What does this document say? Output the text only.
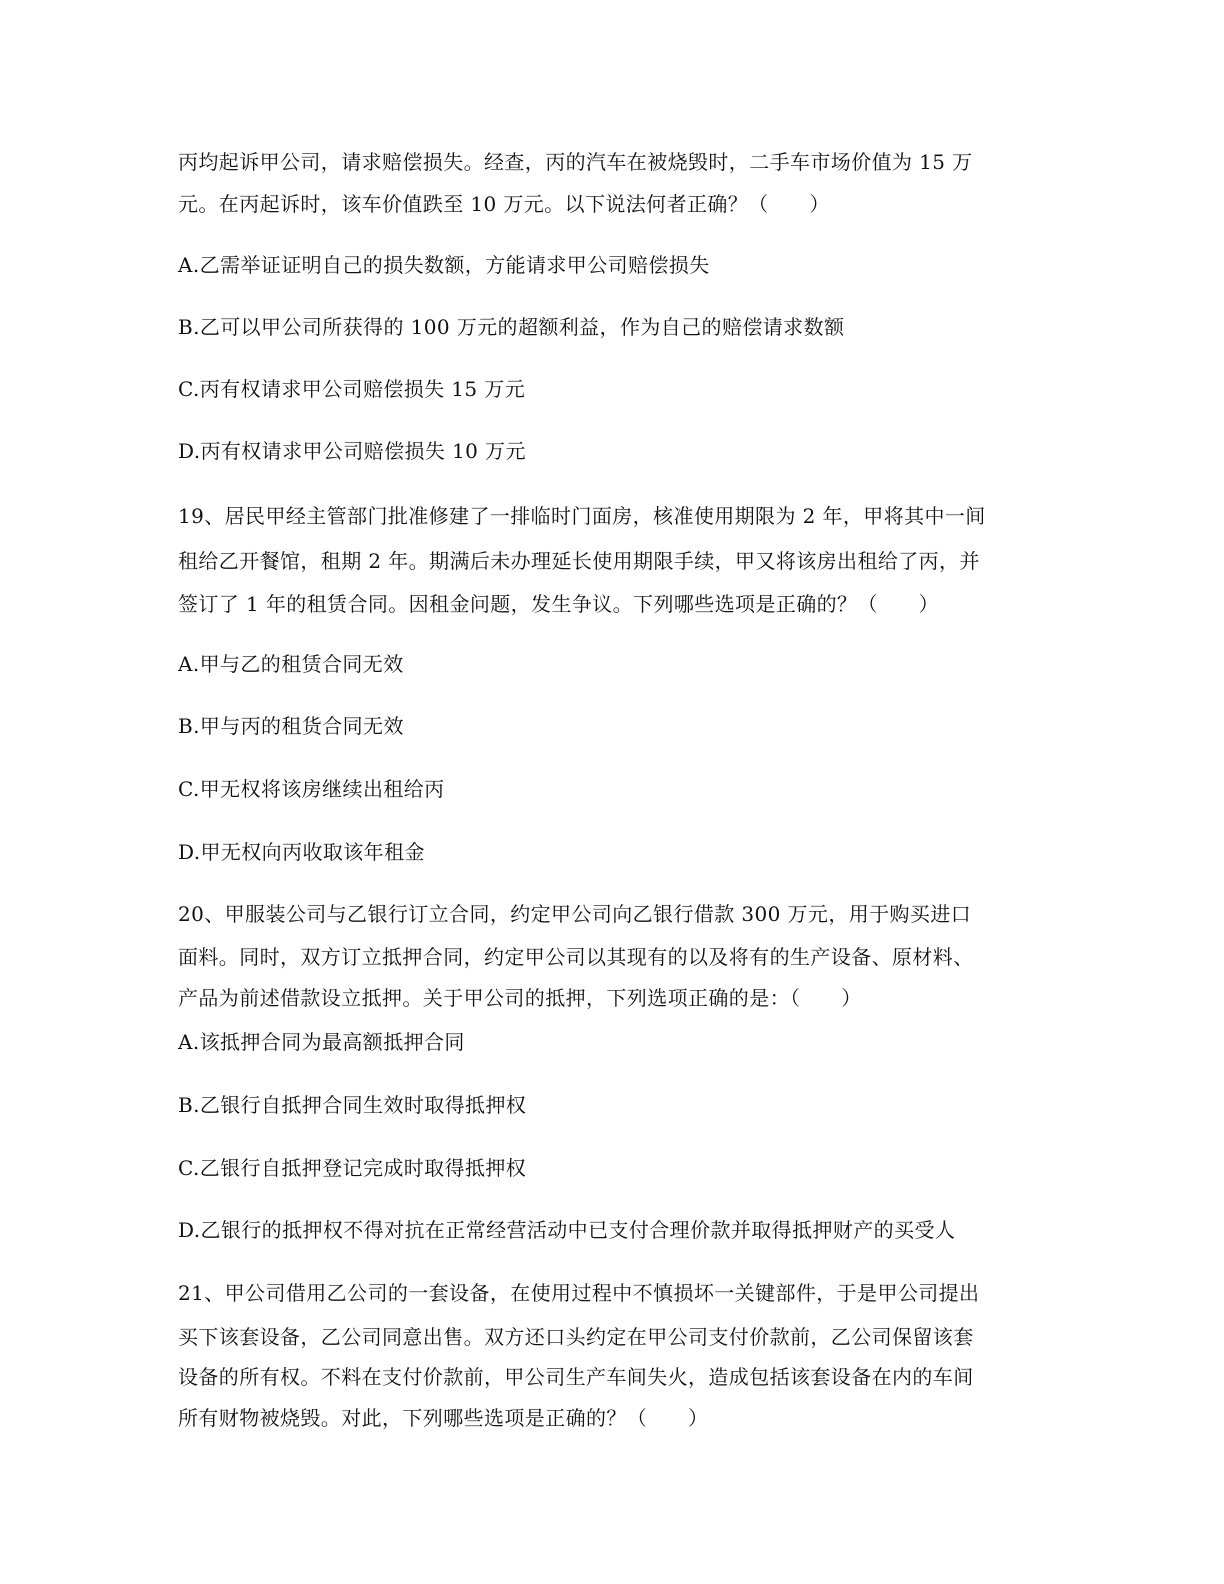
丙均起诉甲公司，请求赔偿损失。经查，丙的汽车在被烧毁时，二手车市场价值为 15 万

元。在丙起诉时，该车价值跌至 10 万元。以下说法何者正确？（　　）

A.乙需举证证明自己的损失数额，方能请求甲公司赔偿损失

B.乙可以甲公司所获得的 100 万元的超额利益，作为自己的赔偿请求数额

C.丙有权请求甲公司赔偿损失 15 万元

D.丙有权请求甲公司赔偿损失 10 万元

19、居民甲经主管部门批准修建了一排临时门面房，核准使用期限为 2 年，甲将其中一间

租给乙开餐馆，租期 2 年。期满后未办理延长使用期限手续，甲又将该房出租给了丙，并

签订了 1 年的租赁合同。因租金问题，发生争议。下列哪些选项是正确的？（　　）

A.甲与乙的租赁合同无效

B.甲与丙的租货合同无效

C.甲无权将该房继续出租给丙

D.甲无权向丙收取该年租金

20、甲服装公司与乙银行订立合同，约定甲公司向乙银行借款 300 万元，用于购买进口

面料。同时，双方订立抵押合同，约定甲公司以其现有的以及将有的生产设备、原材料、

产品为前述借款设立抵押。关于甲公司的抵押，下列选项正确的是：（　　）

A.该抵押合同为最高额抵押合同

B.乙银行自抵押合同生效时取得抵押权

C.乙银行自抵押登记完成时取得抵押权

D.乙银行的抵押权不得对抗在正常经营活动中已支付合理价款并取得抵押财产的买受人

21、甲公司借用乙公司的一套设备，在使用过程中不慎损坏一关键部件，于是甲公司提出

买下该套设备，乙公司同意出售。双方还口头约定在甲公司支付价款前，乙公司保留该套

设备的所有权。不料在支付价款前，甲公司生产车间失火，造成包括该套设备在内的车间

所有财物被烧毁。对此，下列哪些选项是正确的？（　　）
